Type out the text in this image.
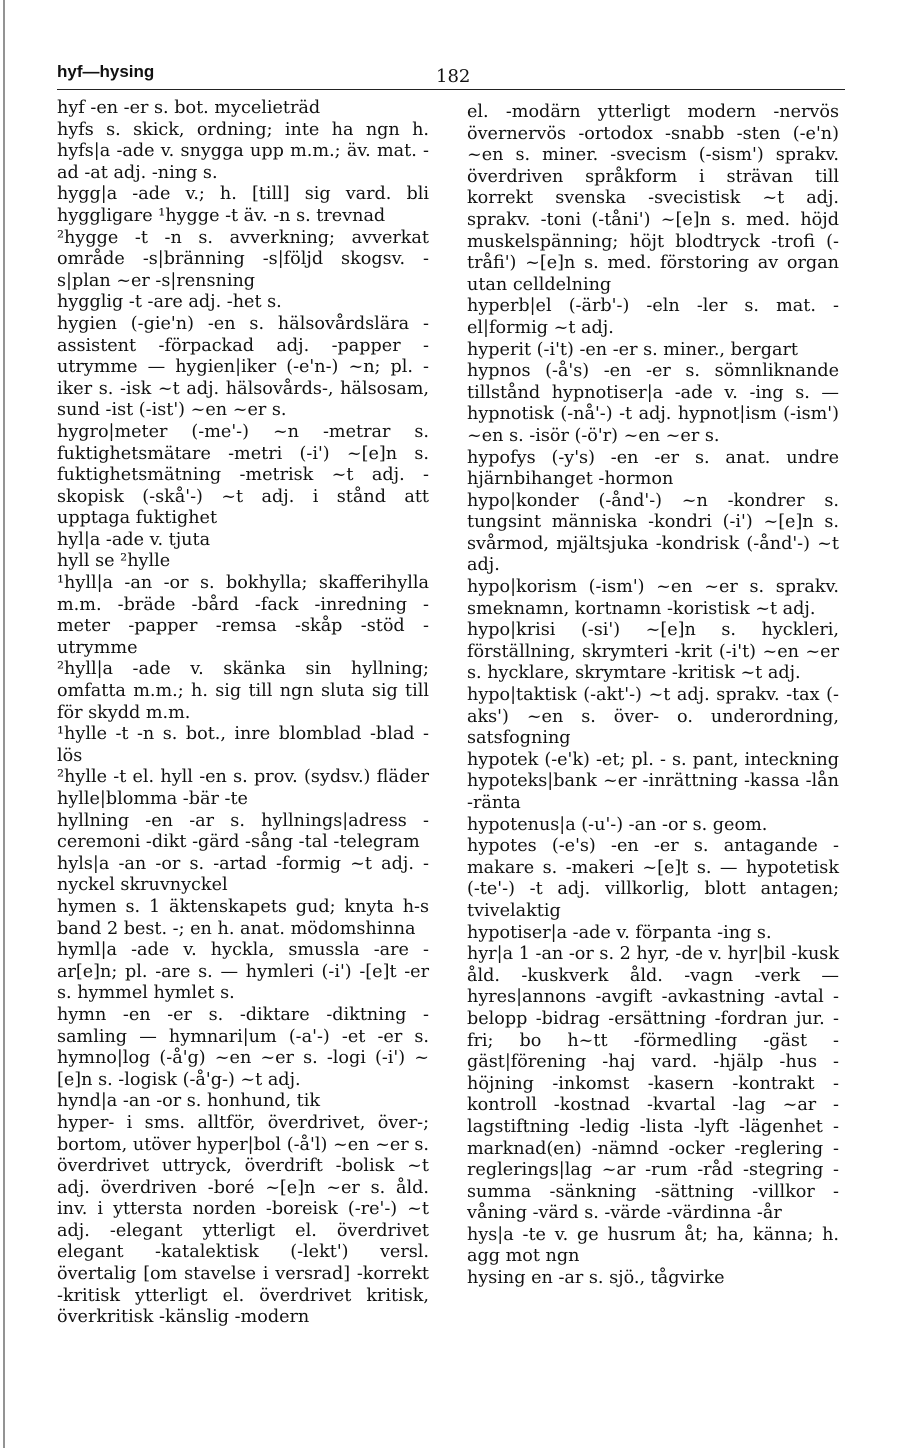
hyf—hysing	182

hyf -en -er s. bot. mycelieträd

hyfs s. skick, ordning; inte ha ngn h. hyfs|a -ade v. snygga upp m.m.; äv. mat. -ad -at adj. -ning s.

hygg|a -ade v.; h. [till] sig vard. bli hyggligare ¹hygge -t äv. -n s. trevnad

²hygge -t -n s. avverkning; avverkat område -s|bränning -s|följd skogsv. -s|plan ~er -s|rensning

hygglig -t -are adj. -het s.

hygien (-gie'n) -en s. hälsovårdslära -assistent -förpackad adj. -papper -utrymme — hygien|iker (-e'n-) ~n; pl. -iker s. -isk ~t adj. hälsovårds-, hälsosam, sund -ist (-ist') ~en ~er s.

hygro|meter (-me'-) ~n -metrar s. fuktighetsmätare -metri (-i') ~[e]n s. fuktighetsmätning -metrisk ~t adj. -skopisk (-skå'-) ~t adj. i stånd att upptaga fuktighet

hyl|a -ade v. tjuta

hyll se ²hylle

¹hyll|a -an -or s. bokhylla; skafferihylla m.m. -bräde -bård -fack -inredning -meter -papper -remsa -skåp -stöd -utrymme

²hyll|a -ade v. skänka sin hyllning; omfatta m.m.; h. sig till ngn sluta sig till för skydd m.m.

¹hylle -t -n s. bot., inre blomblad -blad -lös

²hylle -t el. hyll -en s. prov. (sydsv.) fläder hylle|blomma -bär -te

hyllning -en -ar s. hyllnings|adress -ceremoni -dikt -gärd -sång -tal -telegram

hyls|a -an -or s. -artad -formig ~t adj. -nyckel skruvnyckel

hymen s. 1 äktenskapets gud; knyta h-s band 2 best. -; en h. anat. mödomshinna

hyml|a -ade v. hyckla, smussla -are -ar[e]n; pl. -are s. — hymleri (-i') -[e]t -er s. hymmel hymlet s.

hymn -en -er s. -diktare -diktning -samling — hymnari|um (-a'-) -et -er s. hymno|log (-å'g) ~en ~er s. -logi (-i') ~[e]n s. -logisk (-å'g-) ~t adj.

hynd|a -an -or s. honhund, tik

hyper- i sms. alltför, överdrivet, över-; bortom, utöver hyper|bol (-å'l) ~en ~er s. överdrivet uttryck, överdrift -bolisk ~t adj. överdriven -boré ~[e]n ~er s. åld. inv. i yttersta norden -boreisk (-re'-) ~t adj. -elegant ytterligt el. överdrivet elegant -katalektisk (-lekt') versl. övertalig [om stavelse i versrad] -korrekt -kritisk ytterligt el. överdrivet kritisk, överkritisk -känslig -modern

el. -modärn ytterligt modern -nervös övernervös -ortodox -snabb -sten (-e'n) ~en s. miner. -svecism (-sism') sprakv. överdriven språkform i strävan till korrekt svenska -svecistisk ~t adj. sprakv. -toni (-tåni') ~[e]n s. med. höjd muskelspänning; höjt blodtryck -trofi (-tråfi') ~[e]n s. med. förstoring av organ utan celldelning

hyperb|el (-ärb'-) -eln -ler s. mat. -el|formig ~t adj.

hyperit (-i't) -en -er s. miner., bergart

hypnos (-å's) -en -er s. sömnliknande tillstånd hypnotiser|a -ade v. -ing s. — hypnotisk (-nå'-) -t adj. hypnot|ism (-ism') ~en s. -isör (-ö'r) ~en ~er s.

hypofys (-y's) -en -er s. anat. undre hjärnbihanget -hormon

hypo|konder (-ånd'-) ~n -kondrer s. tungsint människa -kondri (-i') ~[e]n s. svårmod, mjältsjuka -kondrisk (-ånd'-) ~t adj.

hypo|korism (-ism') ~en ~er s. sprakv. smeknamn, kortnamn -koristisk ~t adj.

hypo|krisi (-si') ~[e]n s. hyckleri, förställning, skrymteri -krit (-i't) ~en ~er s. hycklare, skrymtare -kritisk ~t adj.

hypo|taktisk (-akt'-) ~t adj. sprakv. -tax (-aks') ~en s. över- o. underordning, satsfogning

hypotek (-e'k) -et; pl. - s. pant, inteckning hypoteks|bank ~er -inrättning -kassa -lån -ränta

hypotenus|a (-u'-) -an -or s. geom.

hypotes (-e's) -en -er s. antagande -makare s. -makeri ~[e]t s. — hypotetisk (-te'-) -t adj. villkorlig, blott antagen; tvivelaktig

hypotiser|a -ade v. förpanta -ing s.

hyr|a 1 -an -or s. 2 hyr, -de v. hyr|bil -kusk åld. -kuskverk åld. -vagn -verk — hyres|annons -avgift -avkastning -avtal -belopp -bidrag -ersättning -fordran jur. -fri; bo h~tt -förmedling -gäst -gäst|förening -haj vard. -hjälp -hus -höjning -inkomst -kasern -kontrakt -kontroll -kostnad -kvartal -lag ~ar -lagstiftning -ledig -lista -lyft -lägenhet -marknad(en) -nämnd -ocker -reglering -reglerings|lag ~ar -rum -råd -stegring -summa -sänkning -sättning -villkor -våning -värd s. -värde -värdinna -år

hys|a -te v. ge husrum åt; ha, känna; h. agg mot ngn

hysing en -ar s. sjö., tågvirke
